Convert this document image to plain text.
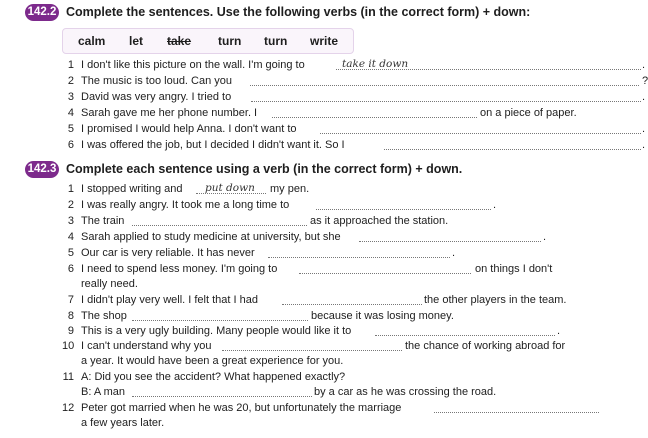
142.2 Complete the sentences. Use the following verbs (in the correct form) + down:
calm let take turn turn write
1 I don't like this picture on the wall. I'm going to	take it down	.
2 The music is too loud. Can you	?
3 David was very angry. I tried to	.
4 Sarah gave me her phone number. I	on a piece of paper.
5 I promised I would help Anna. I don't want to	.
6 I was offered the job, but I decided I didn't want it. So I	.
142.3 Complete each sentence using a verb (in the correct form) + down.
1 I stopped writing and put down my pen.
2 I was really angry. It took me a long time to	.
3 The train	as it approached the station.
4 Sarah applied to study medicine at university, but she	.
5 Our car is very reliable. It has never	.
6 I need to spend less money. I'm going to	on things I don't
really need.
7 I didn't play very well. I felt that I had	the other players in the team.
8 The shop	because it was losing money.
9 This is a very ugly building. Many people would like it to	.
10 I can't understand why you	the chance of working abroad for
a year. It would have been a great experience for you.
11 A: Did you see the accident? What happened exactly?
B: A man	by a car as he was crossing the road.
12 Peter got married when he was 20, but unfortunately the marriage
a few years later.
